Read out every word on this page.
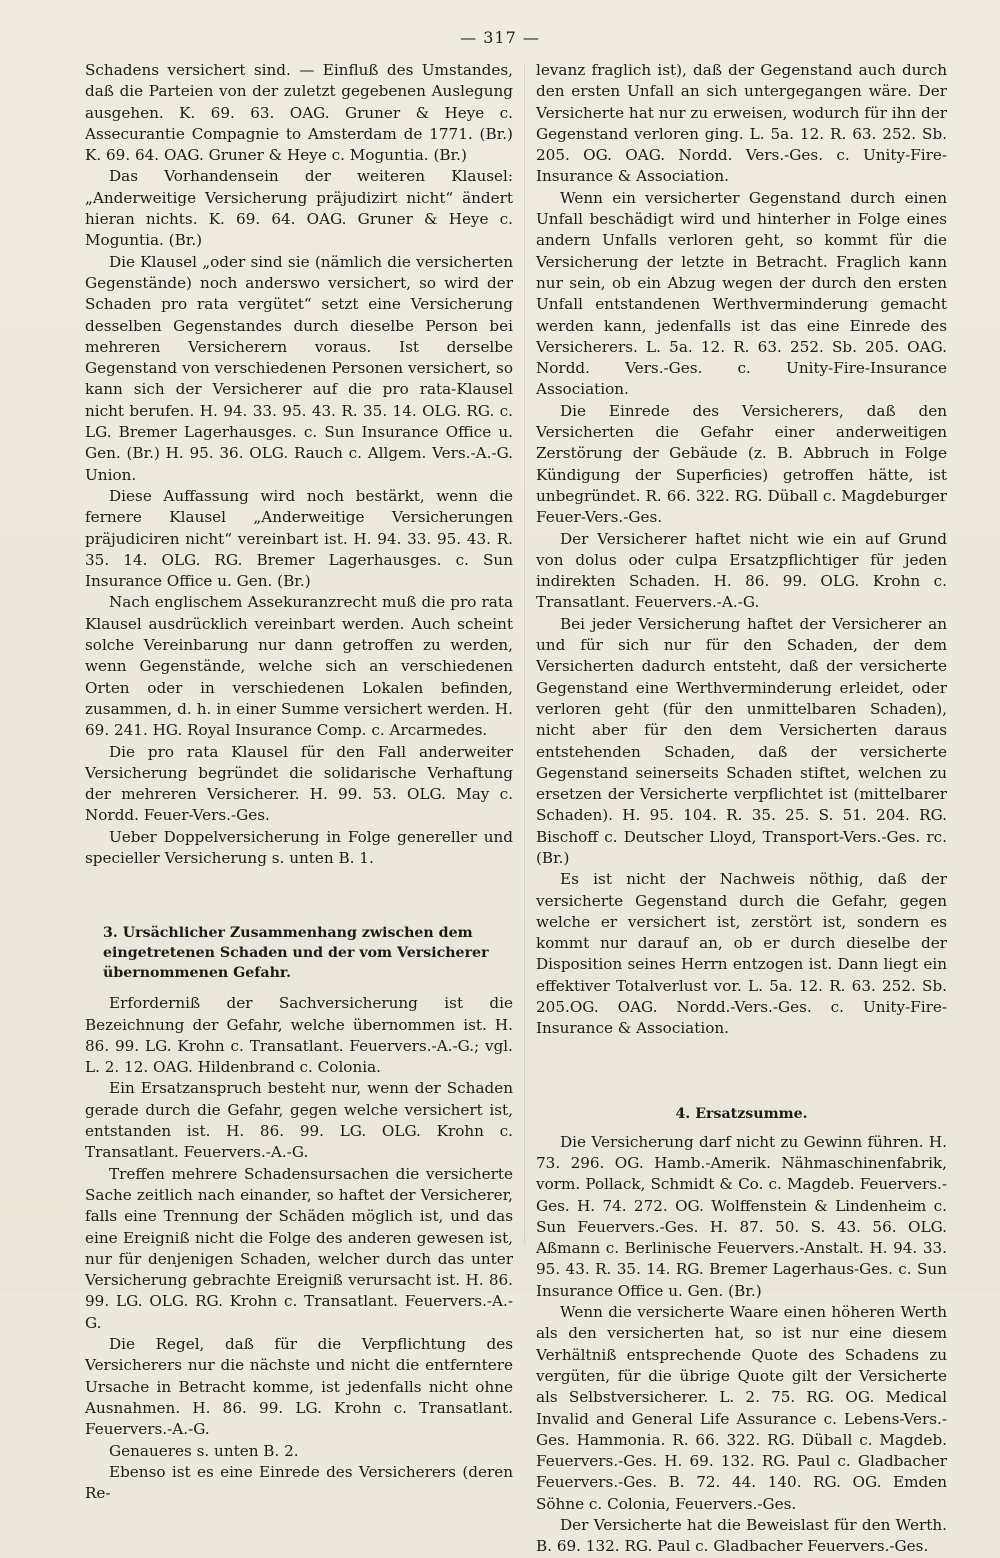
— 317 —

Schadens versichert sind. — Einfluß des Umstandes, daß die Parteien von der zuletzt gegebenen Auslegung ausgehen. K. 69. 63. OAG. Gruner & Heye c. Assecurantie Compagnie to Amsterdam de 1771. (Br.) K. 69. 64. OAG. Gruner & Heye c. Moguntia. (Br.)

Das Vorhandensein der weiteren Klausel: „Anderweitige Versicherung präjudizirt nicht“ ändert hieran nichts. K. 69. 64. OAG. Gruner & Heye c. Moguntia. (Br.)

Die Klausel „oder sind sie (nämlich die versicherten Gegenstände) noch anderswo versichert, so wird der Schaden pro rata vergütet“ setzt eine Versicherung desselben Gegenstandes durch dieselbe Person bei mehreren Versicherern voraus. Ist derselbe Gegenstand von verschiedenen Personen versichert, so kann sich der Versicherer auf die pro rata-Klausel nicht berufen. H. 94. 33. 95. 43. R. 35. 14. OLG. RG. c. LG. Bremer Lagerhausges. c. Sun Insurance Office u. Gen. (Br.) H. 95. 36. OLG. Rauch c. Allgem. Vers.-A.-G. Union.

Diese Auffassung wird noch bestärkt, wenn die fernere Klausel „Anderweitige Versicherungen präjudiciren nicht“ vereinbart ist. H. 94. 33. 95. 43. R. 35. 14. OLG. RG. Bremer Lagerhausges. c. Sun Insurance Office u. Gen. (Br.)

Nach englischem Assekuranzrecht muß die pro rata Klausel ausdrücklich vereinbart werden. Auch scheint solche Vereinbarung nur dann getroffen zu werden, wenn Gegenstände, welche sich an verschiedenen Orten oder in verschiedenen Lokalen befinden, zusammen, d. h. in einer Summe versichert werden. H. 69. 241. HG. Royal Insurance Comp. c. Arcarmedes.

Die pro rata Klausel für den Fall anderweiter Versicherung begründet die solidarische Verhaftung der mehreren Versicherer. H. 99. 53. OLG. May c. Nordd. Feuer-Vers.-Ges.

Ueber Doppelversicherung in Folge genereller und specieller Versicherung s. unten B. 1.

3. Ursächlicher Zusammenhang zwischen dem eingetretenen Schaden und der vom Versicherer übernommenen Gefahr.

Erforderniß der Sachversicherung ist die Bezeichnung der Gefahr, welche übernommen ist. H. 86. 99. LG. Krohn c. Transatlant. Feuervers.-A.-G.; vgl. L. 2. 12. OAG. Hildenbrand c. Colonia.

Ein Ersatzanspruch besteht nur, wenn der Schaden gerade durch die Gefahr, gegen welche versichert ist, entstanden ist. H. 86. 99. LG. OLG. Krohn c. Transatlant. Feuervers.-A.-G.

Treffen mehrere Schadensursachen die versicherte Sache zeitlich nach einander, so haftet der Versicherer, falls eine Trennung der Schäden möglich ist, und das eine Ereigniß nicht die Folge des anderen gewesen ist, nur für denjenigen Schaden, welcher durch das unter Versicherung gebrachte Ereigniß verursacht ist. H. 86. 99. LG. OLG. RG. Krohn c. Transatlant. Feuervers.-A.-G.

Die Regel, daß für die Verpflichtung des Versicherers nur die nächste und nicht die entferntere Ursache in Betracht komme, ist jedenfalls nicht ohne Ausnahmen. H. 86. 99. LG. Krohn c. Transatlant. Feuervers.-A.-G.

Genaueres s. unten B. 2.

Ebenso ist es eine Einrede des Versicherers (deren Re-

levanz fraglich ist), daß der Gegenstand auch durch den ersten Unfall an sich untergegangen wäre. Der Versicherte hat nur zu erweisen, wodurch für ihn der Gegenstand verloren ging. L. 5a. 12. R. 63. 252. Sb. 205. OG. OAG. Nordd. Vers.-Ges. c. Unity-Fire-Insurance & Association.

Wenn ein versicherter Gegenstand durch einen Unfall beschädigt wird und hinterher in Folge eines andern Unfalls verloren geht, so kommt für die Versicherung der letzte in Betracht. Fraglich kann nur sein, ob ein Abzug wegen der durch den ersten Unfall entstandenen Werthverminderung gemacht werden kann, jedenfalls ist das eine Einrede des Versicherers. L. 5a. 12. R. 63. 252. Sb. 205. OAG. Nordd. Vers.-Ges. c. Unity-Fire-Insurance Association.

Die Einrede des Versicherers, daß den Versicherten die Gefahr einer anderweitigen Zerstörung der Gebäude (z. B. Abbruch in Folge Kündigung der Superficies) getroffen hätte, ist unbegründet. R. 66. 322. RG. Düball c. Magdeburger Feuer-Vers.-Ges.

Der Versicherer haftet nicht wie ein auf Grund von dolus oder culpa Ersatzpflichtiger für jeden indirekten Schaden. H. 86. 99. OLG. Krohn c. Transatlant. Feuervers.-A.-G.

Bei jeder Versicherung haftet der Versicherer an und für sich nur für den Schaden, der dem Versicherten dadurch entsteht, daß der versicherte Gegenstand eine Werthverminderung erleidet, oder verloren geht (für den unmittelbaren Schaden), nicht aber für den dem Versicherten daraus entstehenden Schaden, daß der versicherte Gegenstand seinerseits Schaden stiftet, welchen zu ersetzen der Versicherte verpflichtet ist (mittelbarer Schaden). H. 95. 104. R. 35. 25. S. 51. 204. RG. Bischoff c. Deutscher Lloyd, Transport-Vers.-Ges. rc. (Br.)

Es ist nicht der Nachweis nöthig, daß der versicherte Gegenstand durch die Gefahr, gegen welche er versichert ist, zerstört ist, sondern es kommt nur darauf an, ob er durch dieselbe der Disposition seines Herrn entzogen ist. Dann liegt ein effektiver Totalverlust vor. L. 5a. 12. R. 63. 252. Sb. 205.OG. OAG. Nordd.-Vers.-Ges. c. Unity-Fire-Insurance & Association.

4. Ersatzsumme.

Die Versicherung darf nicht zu Gewinn führen. H. 73. 296. OG. Hamb.-Amerik. Nähmaschinenfabrik, vorm. Pollack, Schmidt & Co. c. Magdeb. Feuervers.-Ges. H. 74. 272. OG. Wolffenstein & Lindenheim c. Sun Feuervers.-Ges. H. 87. 50. S. 43. 56. OLG. Aßmann c. Berlinische Feuervers.-Anstalt. H. 94. 33. 95. 43. R. 35. 14. RG. Bremer Lagerhaus-Ges. c. Sun Insurance Office u. Gen. (Br.)

Wenn die versicherte Waare einen höheren Werth als den versicherten hat, so ist nur eine diesem Verhältniß entsprechende Quote des Schadens zu vergüten, für die übrige Quote gilt der Versicherte als Selbstversicherer. L. 2. 75. RG. OG. Medical Invalid and General Life Assurance c. Lebens-Vers.-Ges. Hammonia. R. 66. 322. RG. Düball c. Magdeb. Feuervers.-Ges. H. 69. 132. RG. Paul c. Gladbacher Feuervers.-Ges. B. 72. 44. 140. RG. OG. Emden Söhne c. Colonia, Feuervers.-Ges.

Der Versicherte hat die Beweislast für den Werth. B. 69. 132. RG. Paul c. Gladbacher Feuervers.-Ges.
